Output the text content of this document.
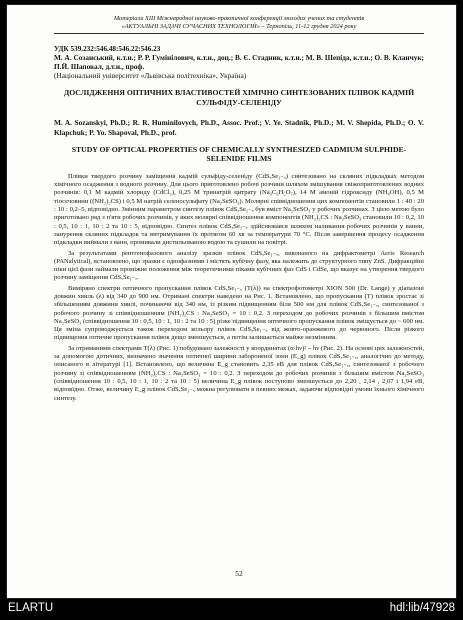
Матеріали XIII Міжнародної науково-практичної конференції молодих учених та студентів
«АКТУАЛЬНІ ЗАДАЧІ СУЧАСНИХ ТЕХНОЛОГІЙ» – Тернопіль, 11-12 грудня 2024 року
УДК 539.232:546.48:546.22:546.23
М. А. Созанський, к.т.н.; Р. Р. Гумінілович, к.т.н., доц.; В. Є. Стадник, к.т.н.; М. В. Шепіда, к.т.н.; О. В. Кланчук; П.Й. Шаповал, д.т.н., проф.
(Національний університет «Львівська політехніка», Україна)
ДОСЛІДЖЕННЯ ОПТИЧНИХ ВЛАСТИВОСТЕЙ ХІМІЧНО СИНТЕЗОВАНИХ ПЛІВОК КАДМІЙ СУЛЬФІДУ-СЕЛЕНІДУ
M. A. Sozanskyi, Ph.D.; R. R. Huminilovych, Ph.D., Assoc. Prof.; V. Ye. Stadnik, Ph.D.; M. V. Shepida, Ph.D.; O. V. Klapchuk; P. Yo. Shapoval, Ph.D., prof.
STUDY OF OPTICAL PROPERTIES OF CHEMICALLY SYNTHESIZED CADMIUM SULPHIDE-SELENIDE FILMS
Плівки твердого розчину заміщення кадмій сульфіду-селеніду (CdSₓSe₁₋ₓ) синтезовано на скляних підкладках методом хімічного осадження з водного розчину. Для цього приготовлено робочі розчини шляхом змішування свіжоприготовлених водних розчинів: 0,1 М кадмій хлориду (CdCl₂), 0,25 М тринатрій цитрату (Na₃C₆H₅O₇), 14 М амоній гідроксиду (NH₄OH), 0,5 М тіосечовини ((NH₂)₂CS) і 0,5 М натрій селеносульфату (Na₂SeSO₃). Молярні співвідношення цих компонентів становили 1 : 40 : 20 : 10 : 0,2–5, відповідно. Змінним параметром синтезу плівок CdSₓSe₁₋ₓ був вміст Na₂SeSO₃ у робочих розчинах. З цією метою було приготовано ряд з п'яти робочих розчинів, у яких молярні співвідношення компонентів (NH₂)₂CS : Na₂SeSO₃ становили 10 : 0,2, 10 : 0,5, 10 : 1, 10 : 2 та 10 : 5, відповідно. Синтез плівок CdSₓSe₁₋ₓ здійснювався шляхом наливання робочих розчинів у ванни, занурення скляних підкладок та витримування їх протягом 60 хв за температури 70 °C. Після завершення процесу осадження підкладки виймали з ванн, промивали дистильованою водою та сушили на повітрі.
За результатами рентгенофазового аналізу зразків плівок CdSₓSe₁₋ₓ, виконаного на дифрактометрі Aeris Research (PANalytical), встановлено, що зразки є однофазними і містять кубічну фазу, яка належить до структурного типу ZnS. Дифракційні піки цієї фази займали проміжне положення між теоретичними піками кубічних фаз CdS і CdSe, що вказує на утворення твердого розчину заміщення CdSₓSe₁₋ₓ.
Виміряно спектри оптичного пропускання плівок CdSₓSe₁₋ₓ (T(λ)) на спектрофотометрі XION 500 (Dr. Lange) у діапазоні довжин хвиль (λ) від 340 до 900 нм. Отримані спектри наведено на Рис. 1. Встановлено, що пропускання (T) плівок зростає зі збільшенням довжини хвилі, починаючи від 340 нм, із різким підвищенням біля 500 нм для плівок CdSₓSe₁₋ₓ, синтезованої з робочого розчину зі співвідношенням (NH₂)₂CS : Na₂SeSO₃ = 10 : 0,2. З переходом до робочих розчинів з більшим вмістом Na₂SeSO₃ (співвідношення 10 : 0,5, 10 : 1, 10 : 2 та 10 : 5) різке підвищення оптичного пропускання плівок зміщується до ~ 600 нм. Ця зміна супроводжується також переходом кольору плівок CdSₓSe₁₋ₓ від жовто-оранжевого до червоного. Після різкого підвищення оптичне пропускання плівок дещо зменшується, а потім залишається майже незмінним.
За отриманими спектрами T(λ) (Рис. 1) побудовано залежності у координатах (α·hν)² – hν (Рис. 2). На основі цих залежностей, за допомогою дотичних, визначено значення оптичної ширини забороненої зони (E_g) плівок CdSₓSe₁₋ₓ, аналогічно до методу, описаного в літературі [1]. Встановлено, що величина E_g становить 2,35 еВ для плівок CdSₓSe₁₋ₓ, синтезованої з робочого розчину зі співвідношенням (NH₂)₂CS : Na₂SeSO₃ = 10 : 0,2. З переходом до робочих розчинів з більшим вмістом Na₂SeSO₃ (співвідношення 10 : 0,5, 10 : 1, 10 : 2 та 10 : 5) величина E_g плівок поступово зменшується до 2,20 , 2,14 , 2,07 і 1,94 еВ, відповідно. Отже, величину E_g плівок CdSₓSe₁₋ₓ можна регулювати в певних межах, задаючи відповідні умови їхнього хімічного синтезу.
52
ELARTU	hdl:lib/47928
